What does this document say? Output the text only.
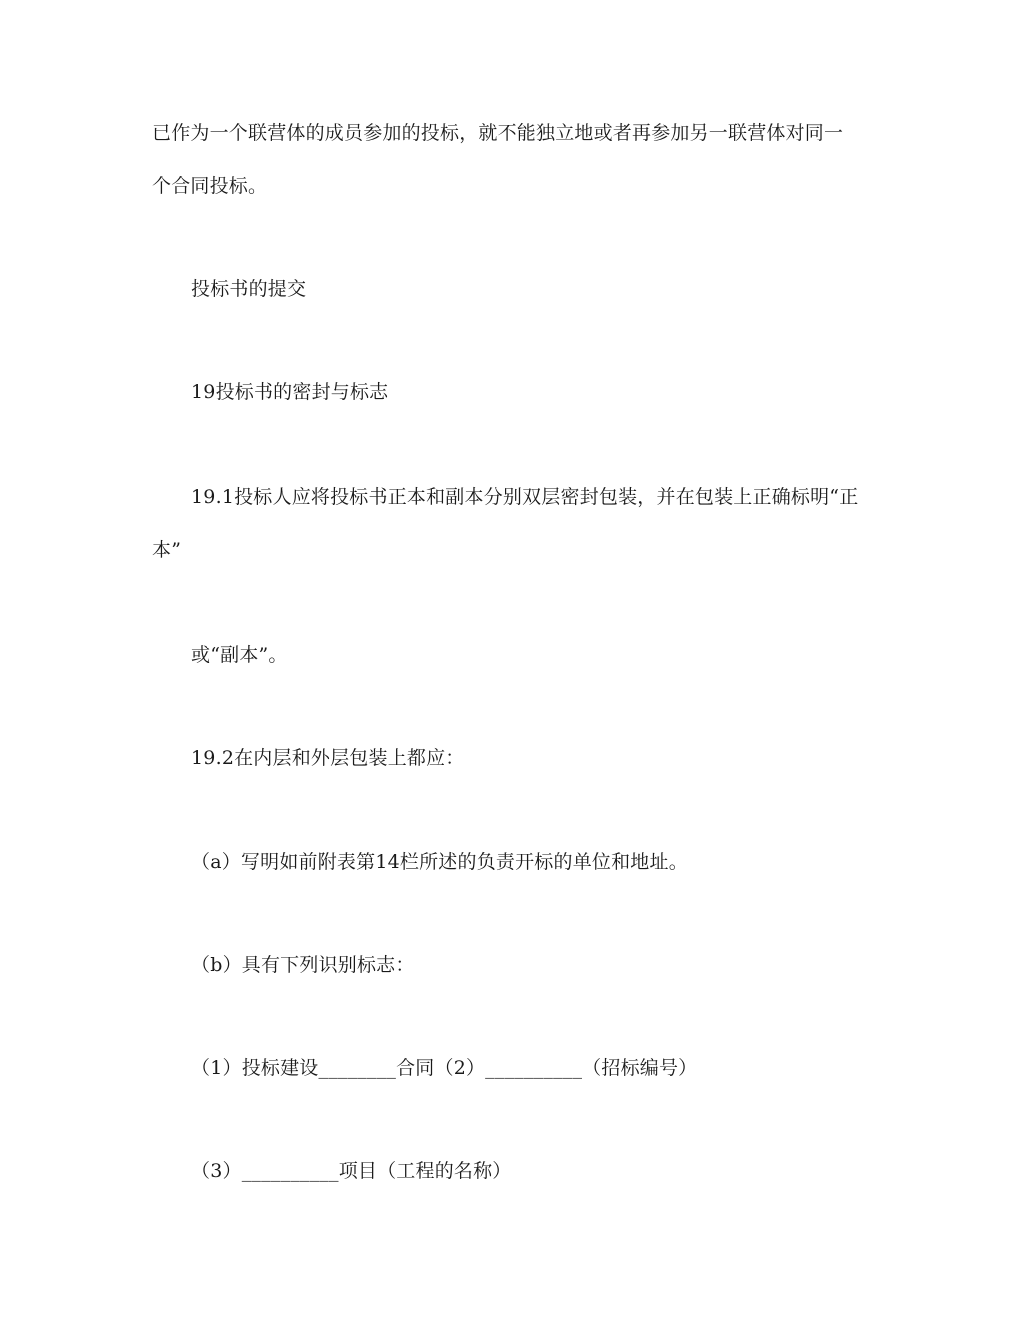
已作为一个联营体的成员参加的投标，就不能独立地或者再参加另一联营体对同一
个合同投标。
投标书的提交
19投标书的密封与标志
19.1投标人应将投标书正本和副本分别双层密封包装，并在包装上正确标明“正
本”
或“副本”。
19.2在内层和外层包装上都应：
（a）写明如前附表第14栏所述的负责开标的单位和地址。
（b）具有下列识别标志：
（1）投标建设________合同（2）__________（招标编号）
（3）__________项目（工程的名称）
